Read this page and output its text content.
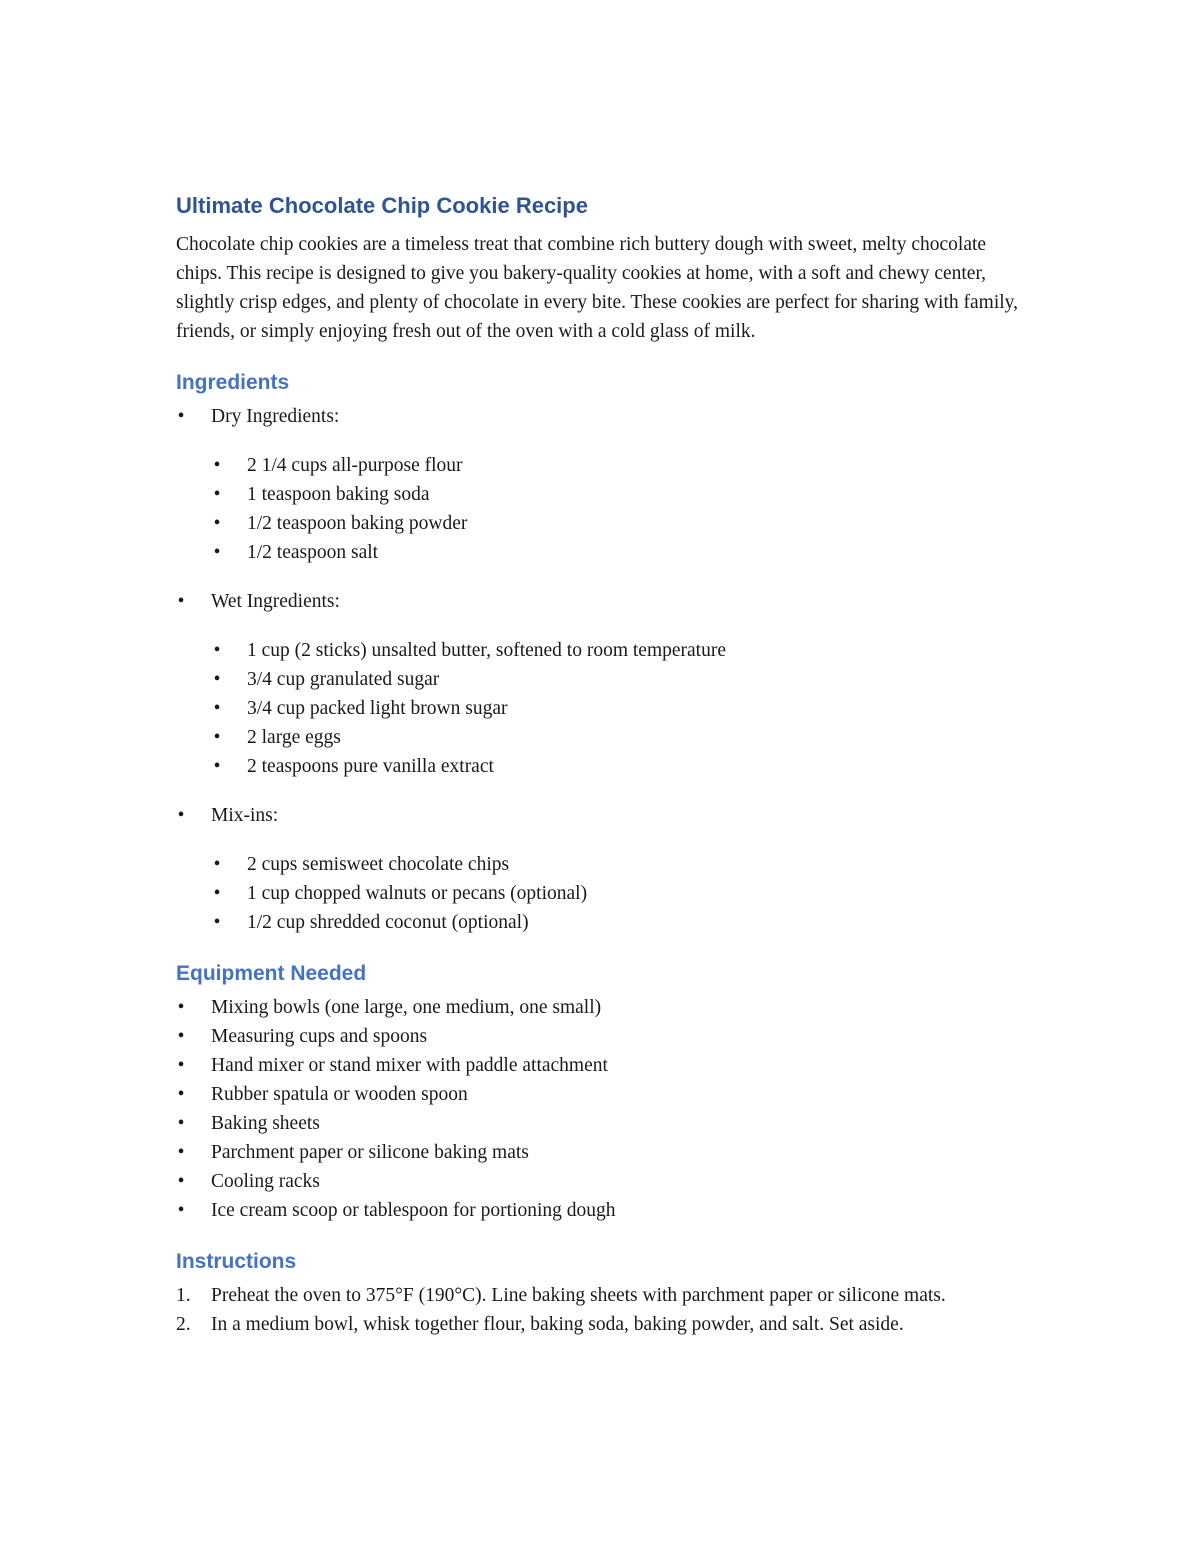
Ultimate Chocolate Chip Cookie Recipe

Chocolate chip cookies are a timeless treat that combine rich buttery dough with sweet, melty chocolate chips. This recipe is designed to give you bakery-quality cookies at home, with a soft and chewy center, slightly crisp edges, and plenty of chocolate in every bite. These cookies are perfect for sharing with family, friends, or simply enjoying fresh out of the oven with a cold glass of milk.

Ingredients
• Dry Ingredients:
• 2 1/4 cups all-purpose flour
• 1 teaspoon baking soda
• 1/2 teaspoon baking powder
• 1/2 teaspoon salt
• Wet Ingredients:
• 1 cup (2 sticks) unsalted butter, softened to room temperature
• 3/4 cup granulated sugar
• 3/4 cup packed light brown sugar
• 2 large eggs
• 2 teaspoons pure vanilla extract
• Mix-ins:
• 2 cups semisweet chocolate chips
• 1 cup chopped walnuts or pecans (optional)
• 1/2 cup shredded coconut (optional)
Equipment Needed
• Mixing bowls (one large, one medium, one small)
• Measuring cups and spoons
• Hand mixer or stand mixer with paddle attachment
• Rubber spatula or wooden spoon
• Baking sheets
• Parchment paper or silicone baking mats
• Cooling racks
• Ice cream scoop or tablespoon for portioning dough
Instructions
1. Preheat the oven to 375°F (190°C). Line baking sheets with parchment paper or silicone mats.
2. In a medium bowl, whisk together flour, baking soda, baking powder, and salt. Set aside.
